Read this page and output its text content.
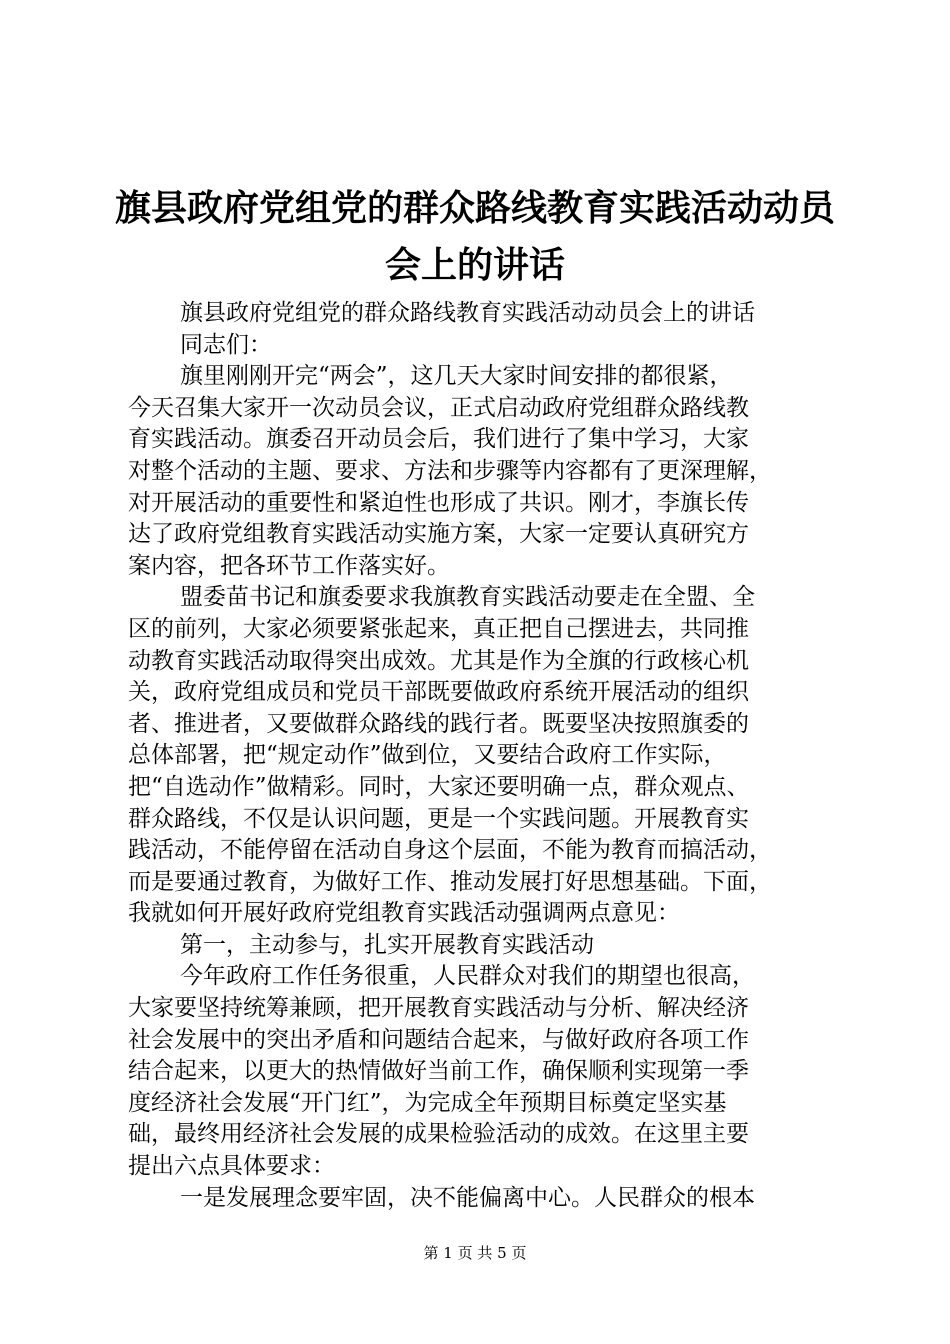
旗县政府党组党的群众路线教育实践活动动员
会上的讲话
旗县政府党组党的群众路线教育实践活动动员会上的讲话
同志们：
旗里刚刚开完“两会”，这几天大家时间安排的都很紧，
今天召集大家开一次动员会议，正式启动政府党组群众路线教
育实践活动。旗委召开动员会后，我们进行了集中学习，大家
对整个活动的主题、要求、方法和步骤等内容都有了更深理解，
对开展活动的重要性和紧迫性也形成了共识。刚才，李旗长传
达了政府党组教育实践活动实施方案，大家一定要认真研究方
案内容，把各环节工作落实好。
盟委苗书记和旗委要求我旗教育实践活动要走在全盟、全
区的前列，大家必须要紧张起来，真正把自己摆进去，共同推
动教育实践活动取得突出成效。尤其是作为全旗的行政核心机
关，政府党组成员和党员干部既要做政府系统开展活动的组织
者、推进者，又要做群众路线的践行者。既要坚决按照旗委的
总体部署，把“规定动作”做到位，又要结合政府工作实际，
把“自选动作”做精彩。同时，大家还要明确一点，群众观点、
群众路线，不仅是认识问题，更是一个实践问题。开展教育实
践活动，不能停留在活动自身这个层面，不能为教育而搞活动，
而是要通过教育，为做好工作、推动发展打好思想基础。下面，
我就如何开展好政府党组教育实践活动强调两点意见：
第一，主动参与，扎实开展教育实践活动
今年政府工作任务很重，人民群众对我们的期望也很高，
大家要坚持统筹兼顾，把开展教育实践活动与分析、解决经济
社会发展中的突出矛盾和问题结合起来，与做好政府各项工作
结合起来，以更大的热情做好当前工作，确保顺利实现第一季
度经济社会发展“开门红”，为完成全年预期目标奠定坚实基
础，最终用经济社会发展的成果检验活动的成效。在这里主要
提出六点具体要求：
一是发展理念要牢固，决不能偏离中心。人民群众的根本
第 1 页 共 5 页
